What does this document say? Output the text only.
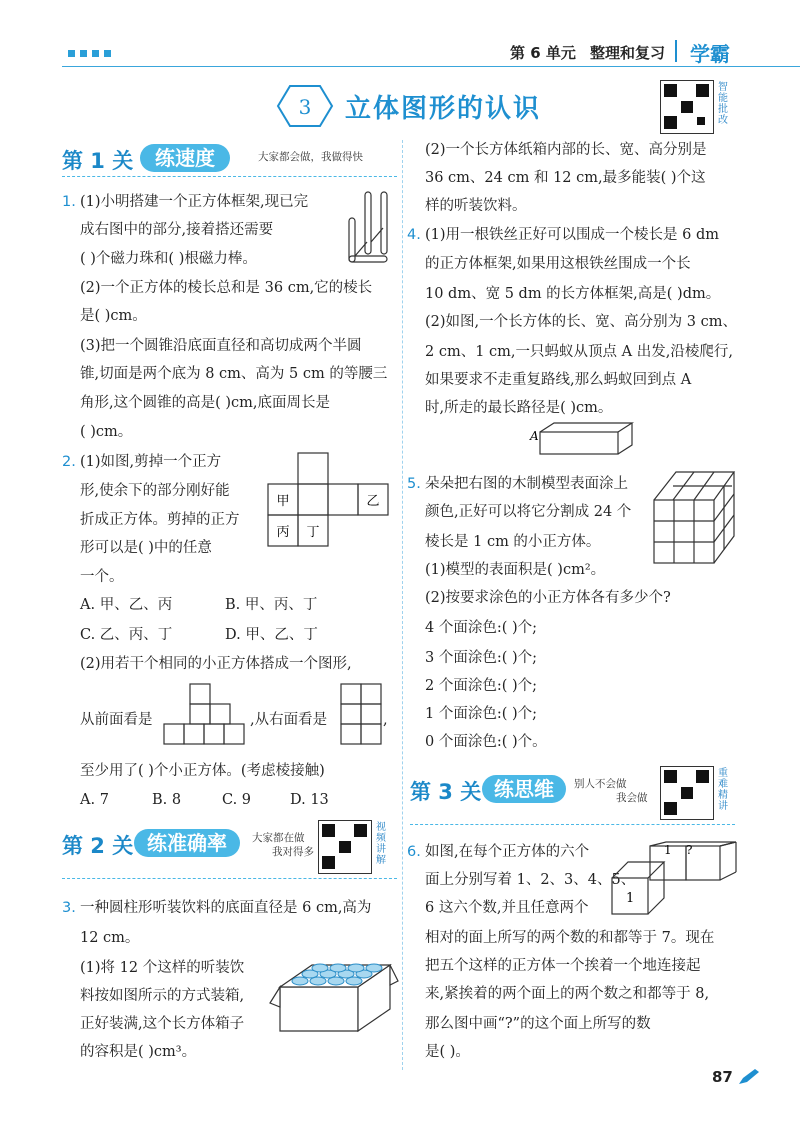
第 6 单元 整理和复习 学霸
3 立体图形的认识
智能批改
第 1 关	练速度	大家都会做，我做得快
1. (1)小明搭建一个正方体框架,现已完
成右图中的部分,接着搭还需要
( )个磁力珠和( )根磁力棒。
(2)一个正方体的棱长总和是 36 cm,它的棱长
是( )cm。
(3)把一个圆锥沿底面直径和高切成两个半圆
锥,切面是两个底为 8 cm、高为 5 cm 的等腰三
角形,这个圆锥的高是( )cm,底面周长是
( )cm。
2. (1)如图,剪掉一个正方
形,使余下的部分刚好能
折成正方体。剪掉的正方
形可以是( )中的任意
一个。
甲	乙
丙 丁
A. 甲、乙、丙	B. 甲、丙、丁
C. 乙、丙、丁	D. 甲、乙、丁
(2)用若干个相同的小正方体搭成一个图形,
从前面看是	,从右面看是	,
至少用了( )个小正方体。(考虑棱接触)
A. 7	B. 8	C. 9	D. 13
第 2 关 练准确率	大家都在做
我对得多
视频讲解
3. 一种圆柱形听装饮料的底面直径是 6 cm,高为
12 cm。
(1)将 12 个这样的听装饮
料按如图所示的方式装箱,
正好装满,这个长方体箱子
的容积是( )cm³。
(2)一个长方体纸箱内部的长、宽、高分别是
36 cm、24 cm 和 12 cm,最多能装( )个这
样的听装饮料。
4. (1)用一根铁丝正好可以围成一个棱长是 6 dm
的正方体框架,如果用这根铁丝围成一个长
10 dm、宽 5 dm 的长方体框架,高是( )dm。
(2)如图,一个长方体的长、宽、高分别为 3 cm、
2 cm、1 cm,一只蚂蚁从顶点 A 出发,沿棱爬行,
如果要求不走重复路线,那么蚂蚁回到点 A
时,所走的最长路径是( )cm。
5. 朵朵把右图的木制模型表面涂上
颜色,正好可以将它分割成 24 个
棱长是 1 cm 的小正方体。
(1)模型的表面积是( )cm²。
(2)按要求涂色的小正方体各有多少个?
4 个面涂色:( )个;
3 个面涂色:( )个;
2 个面涂色:( )个;
1 个面涂色:( )个;
0 个面涂色:( )个。
6. 如图,在每个正方体的六个
面上分别写着 1、2、3、4、5、
6 这六个数,并且任意两个
相对的面上所写的两个数的和都等于 7。现在
把五个这样的正方体一个挨着一个地连接起
来,紧挨着的两个面上的两个数之和都等于 8,
那么图中画“?”的这个面上所写的数
是( )。
A
第 3 关 练思维	别人不会做
我会做
重难精讲
1
1 ?
87
